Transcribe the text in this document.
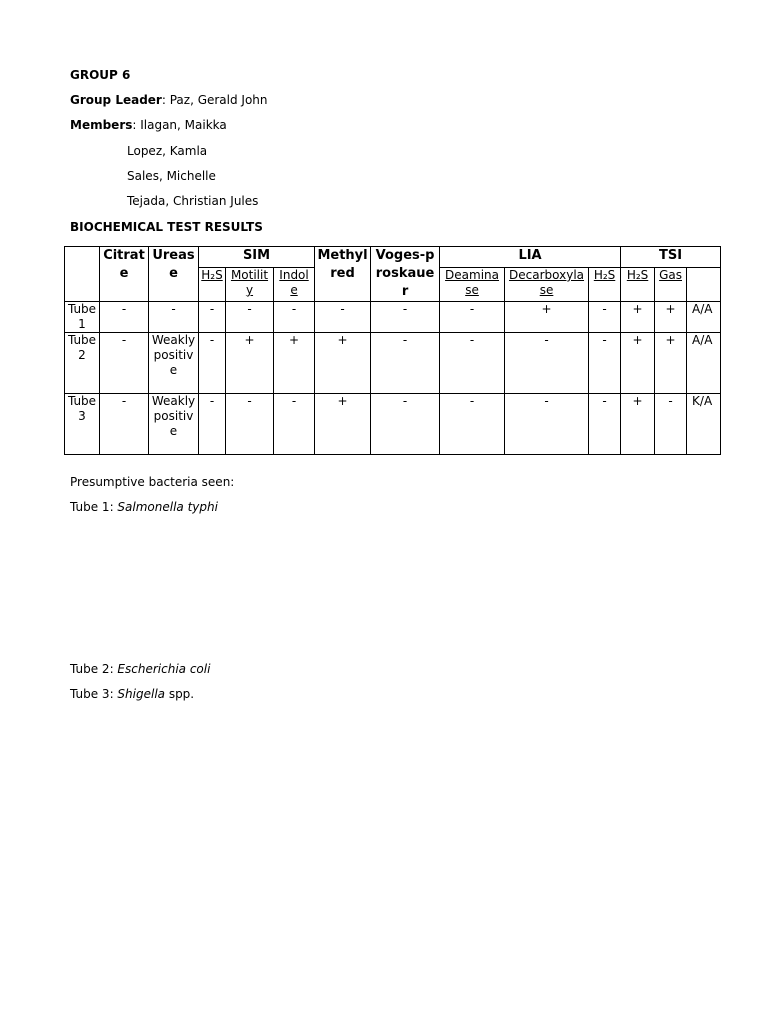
GROUP 6
Group Leader: Paz, Gerald John
Members: Ilagan, Maikka
Lopez, Kamla
Sales, Michelle
Tejada, Christian Jules
BIOCHEMICAL TEST RESULTS
	Citrate	Urease	SIM			Methyl red	Voges-proskauer	LIA			TSI		
			H₂S	Motility	Indole			Deaminase	Decarboxylase	H₂S	H₂S	Gas	
Tube 1	-	-	-	-	-	-	-	-	+	-	+	+	A/A
Tube 2	-	Weakly positive	-	+	+	+	-	-	-	-	+	+	A/A
Tube 3	-	Weakly positive	-	-	-	+	-	-	-	-	+	-	K/A
Presumptive bacteria seen:
Tube 1: Salmonella typhi
Tube 2: Escherichia coli
Tube 3: Shigella spp.
